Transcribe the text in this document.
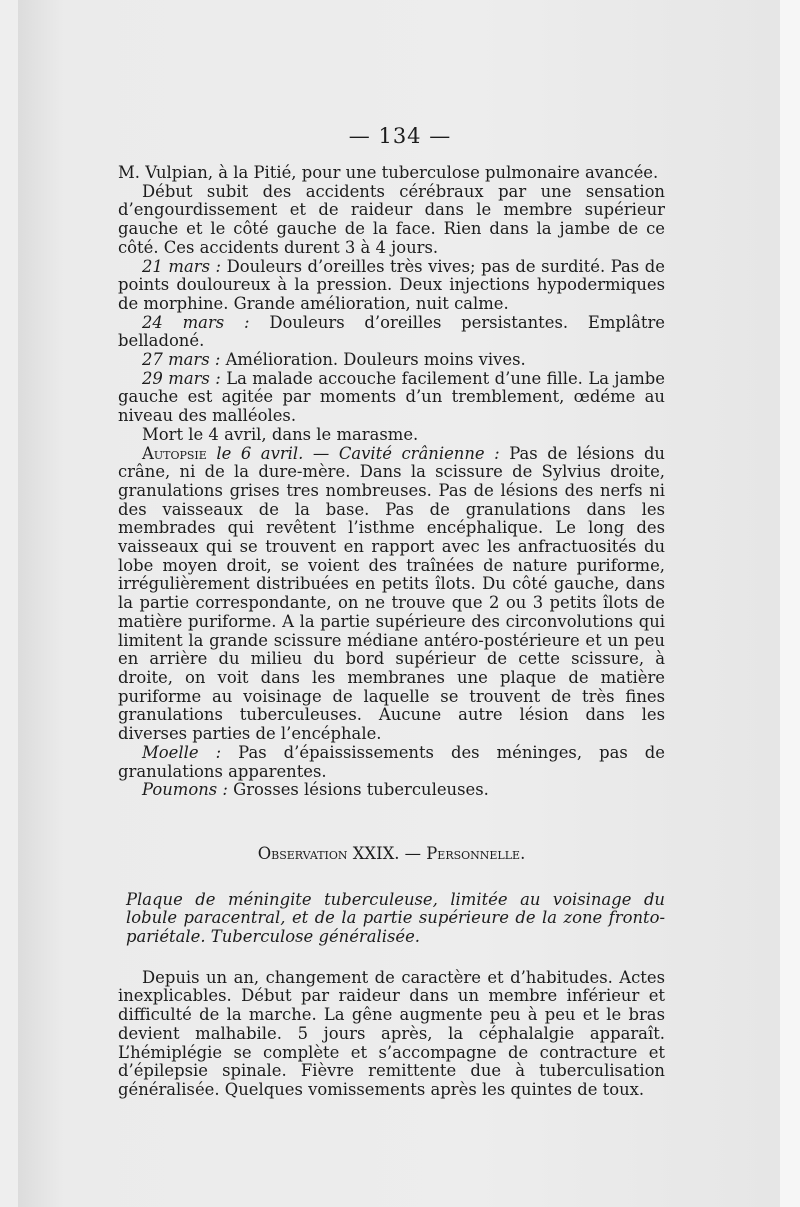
— 134 —

M. Vulpian, à la Pitié, pour une tuberculose pulmonaire avancée.

Début subit des accidents cérébraux par une sensation d’engourdissement et de raideur dans le membre supérieur gauche et le côté gauche de la face. Rien dans la jambe de ce côté. Ces accidents durent 3 à 4 jours.

21 mars : Douleurs d’oreilles très vives; pas de surdité. Pas de points douloureux à la pression. Deux injections hypodermiques de morphine. Grande amélioration, nuit calme.

24 mars : Douleurs d’oreilles persistantes. Emplâtre belladoné.

27 mars : Amélioration. Douleurs moins vives.

29 mars : La malade accouche facilement d’une fille. La jambe gauche est agitée par moments d’un tremblement, œdéme au niveau des malléoles.

Mort le 4 avril, dans le marasme.

Autopsie le 6 avril. — Cavité crânienne : Pas de lésions du crâne, ni de la dure-mère. Dans la scissure de Sylvius droite, granulations grises tres nombreuses. Pas de lésions des nerfs ni des vaisseaux de la base. Pas de granulations dans les membrades qui revêtent l’isthme encéphalique. Le long des vaisseaux qui se trouvent en rapport avec les anfractuosités du lobe moyen droit, se voient des traînées de nature puriforme, irrégulièrement distribuées en petits îlots. Du côté gauche, dans la partie correspondante, on ne trouve que 2 ou 3 petits îlots de matière puriforme. A la partie supérieure des circonvolutions qui limitent la grande scissure médiane antéro-postérieure et un peu en arrière du milieu du bord supérieur de cette scissure, à droite, on voit dans les membranes une plaque de matière puriforme au voisinage de laquelle se trouvent de très fines granulations tuberculeuses. Aucune autre lésion dans les diverses parties de l’encéphale.

Moelle : Pas d’épaississements des méninges, pas de granulations apparentes.

Poumons : Grosses lésions tuberculeuses.

Observation XXIX. — Personnelle.

Plaque de méningite tuberculeuse, limitée au voisinage du lobule paracentral, et de la partie supérieure de la zone fronto-pariétale. Tuberculose généralisée.

Depuis un an, changement de caractère et d’habitudes. Actes inexplicables. Début par raideur dans un membre inférieur et difficulté de la marche. La gêne augmente peu à peu et le bras devient malhabile. 5 jours après, la céphalalgie apparaît. L’hémiplégie se complète et s’accompagne de contracture et d’épilepsie spinale. Fièvre remittente due à tuberculisation généralisée. Quelques vomissements après les quintes de toux.
